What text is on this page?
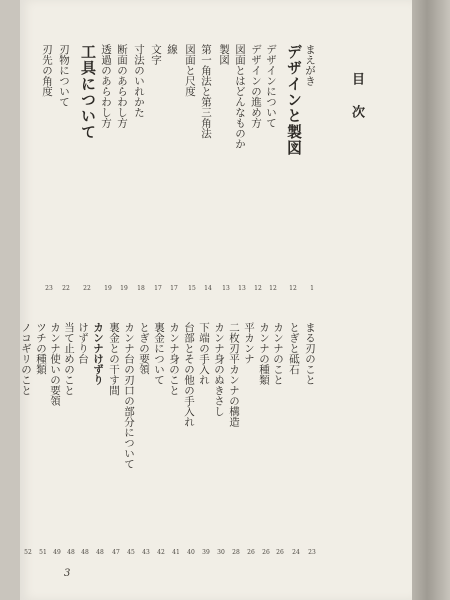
目次
まえがき
1
デザインと製図
12
デザインについて
12
デザインの進め方
12
図面とはどんなものか
13
製図
13
第一角法と第三角法
14
図面と尺度
15
線
17
文字
17
寸法のいれかた
18
断面のあらわし方
19
透過のあらわし方
19
工具について
22
刃物について
22
刃先の角度
23
まる刃のこと
23
とぎと砥石
24
カンナのこと
26
カンナの種類
26
平カンナ
26
二枚刃平カンナの構造
28
カンナ身のぬきさし
30
下端の手入れ
39
台部とその他の手入れ
40
カンナ身のこと
41
裏金について
42
とぎの要領
43
カンナ台の刃口の部分について
45
裏金との干す間
47
カンナけずり
48
けずり台
48
当て止めのこと
48
カンナ使いの要領
49
ツチの種類
51
ノコギリのこと
52
3
